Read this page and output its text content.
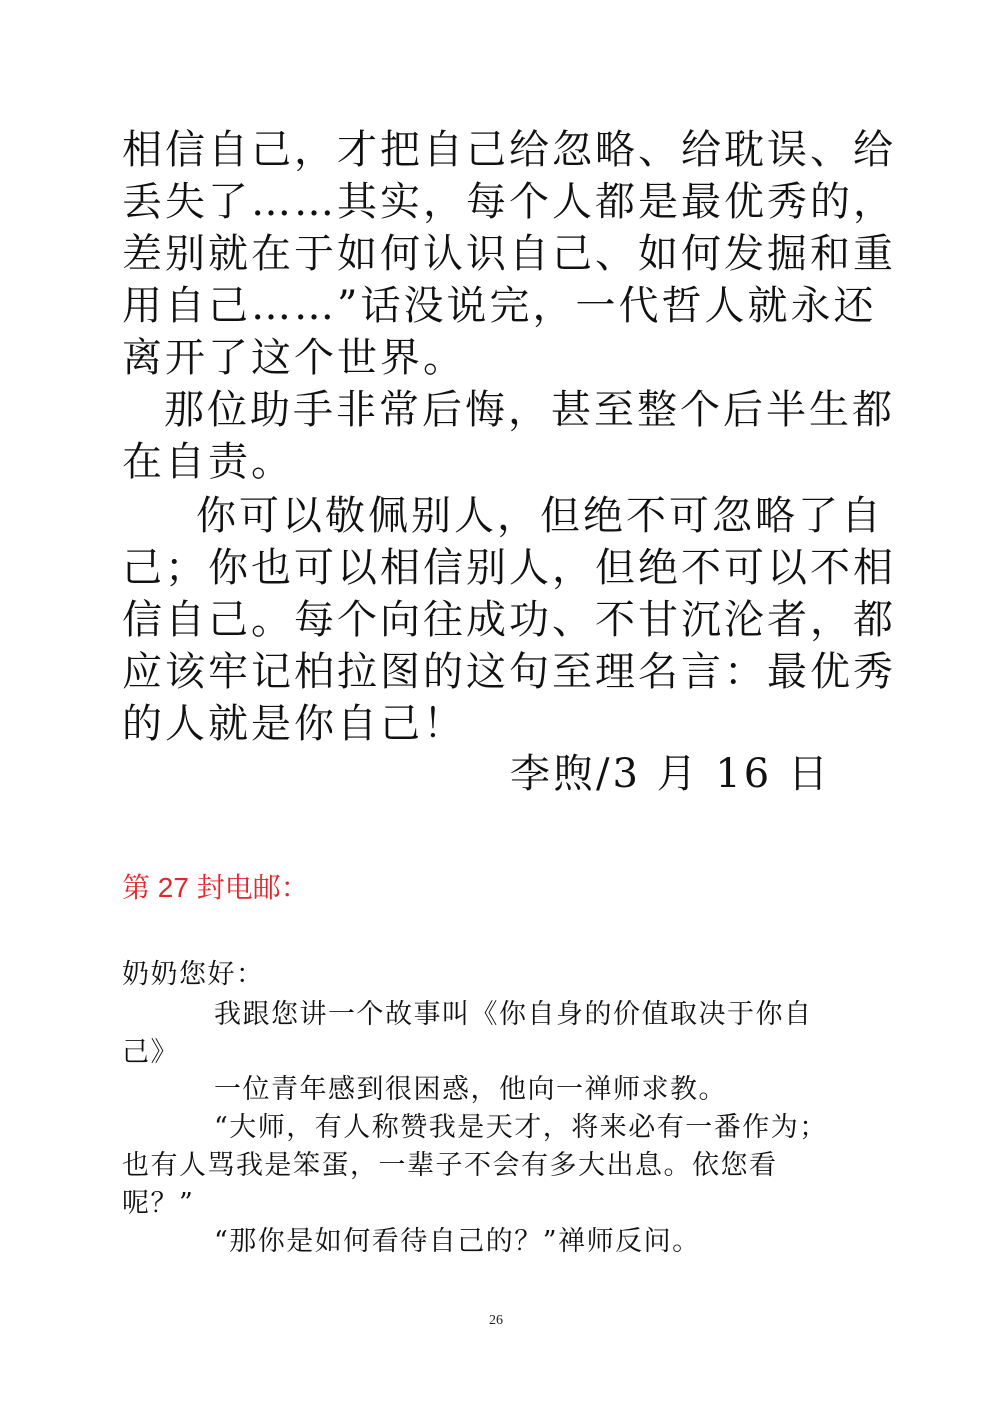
相信自己，才把自己给忽略、给耽误、给
丢失了……其实，每个人都是最优秀的，
差别就在于如何认识自己、如何发掘和重
用自己……”话没说完，一代哲人就永还
离开了这个世界。
那位助手非常后悔，甚至整个后半生都
在自责。
你可以敬佩别人，但绝不可忽略了自
己；你也可以相信别人，但绝不可以不相
信自己。每个向往成功、不甘沉沦者，都
应该牢记柏拉图的这句至理名言：最优秀
的人就是你自己！
李煦/3 月 16 日
第 27 封电邮：
奶奶您好：
我跟您讲一个故事叫《你自身的价值取决于你自
己》
一位青年感到很困惑，他向一禅师求教。
“大师，有人称赞我是天才，将来必有一番作为；
也有人骂我是笨蛋，一辈子不会有多大出息。依您看
呢？”
“那你是如何看待自己的？”禅师反问。
26
